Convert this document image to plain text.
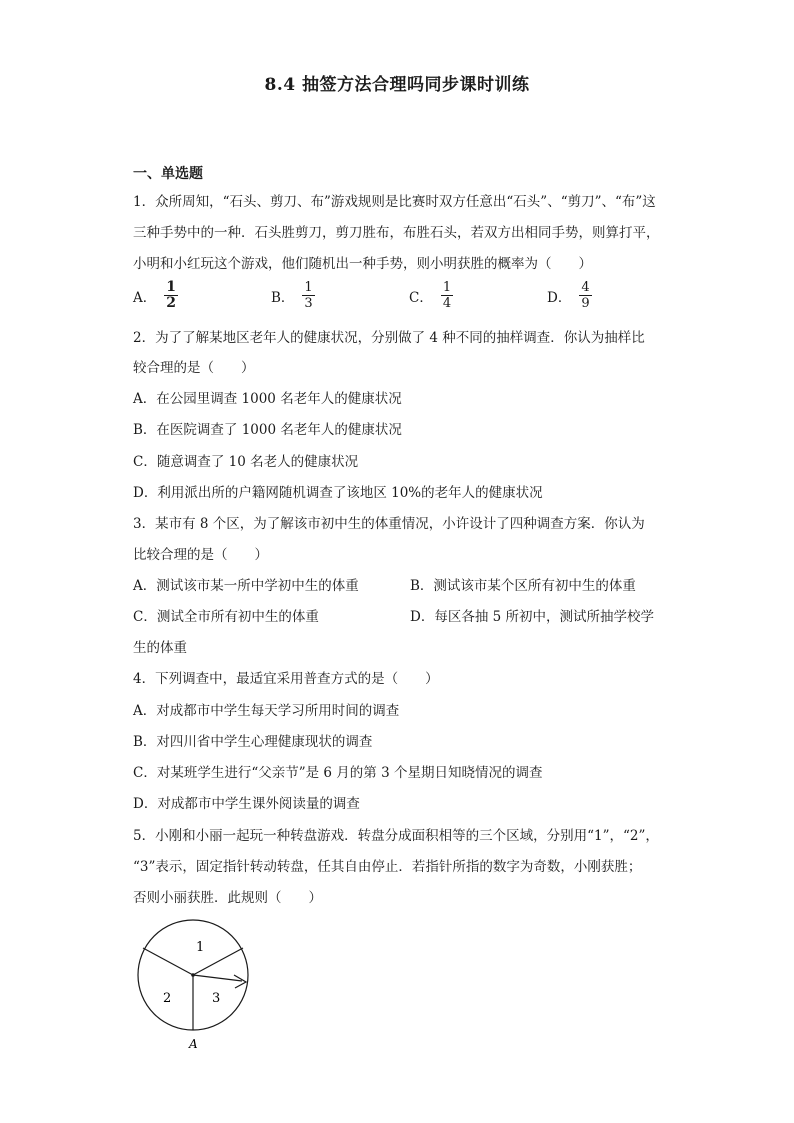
8.4 抽签方法合理吗同步课时训练
一、单选题
1．众所周知，“石头、剪刀、布”游戏规则是比赛时双方任意出“石头”、“剪刀”、“布”这
三种手势中的一种．石头胜剪刀，剪刀胜布，布胜石头，若双方出相同手势，则算打平，
小明和小红玩这个游戏，他们随机出一种手势，则小明获胜的概率为（　　）
A． $\frac{1}{2}$	B． $\frac{1}{3}$	C． $\frac{1}{4}$	D． $\frac{4}{9}$
2．为了了解某地区老年人的健康状况，分别做了 4 种不同的抽样调查．你认为抽样比
较合理的是（　　）
A．在公园里调查 1000 名老年人的健康状况
B．在医院调查了 1000 名老年人的健康状况
C．随意调查了 10 名老人的健康状况
D．利用派出所的户籍网随机调查了该地区 10%的老年人的健康状况
3．某市有 8 个区，为了解该市初中生的体重情况，小许设计了四种调查方案．你认为
比较合理的是（　　）
A．测试该市某一所中学初中生的体重	B．测试该市某个区所有初中生的体重
C．测试全市所有初中生的体重	D．每区各抽 5 所初中，测试所抽学校学
生的体重
4．下列调查中，最适宜采用普查方式的是（　　）
A．对成都市中学生每天学习所用时间的调查
B．对四川省中学生心理健康现状的调查
C．对某班学生进行“父亲节”是 6 月的第 3 个星期日知晓情况的调查
D．对成都市中学生课外阅读量的调查
5．小刚和小丽一起玩一种转盘游戏．转盘分成面积相等的三个区域，分别用“1”，“2”，
“3”表示，固定指针转动转盘，任其自由停止．若指针所指的数字为奇数，小刚获胜；
否则小丽获胜．此规则（　　）
1
2	3
A
